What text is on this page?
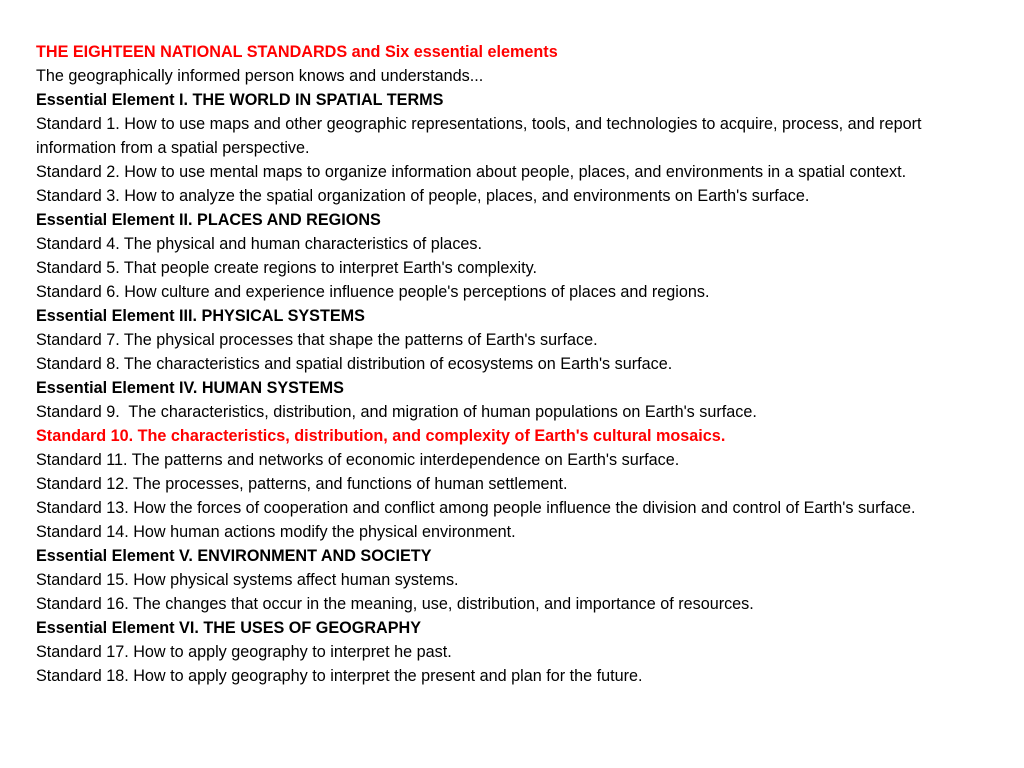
THE EIGHTEEN NATIONAL STANDARDS and Six essential elements
The geographically informed person knows and understands...
Essential Element I. THE WORLD IN SPATIAL TERMS
Standard 1. How to use maps and other geographic representations, tools, and technologies to acquire, process, and report information from a spatial perspective.
Standard 2. How to use mental maps to organize information about people, places, and environments in a spatial context.
Standard 3. How to analyze the spatial organization of people, places, and environments on Earth's surface.
Essential Element II. PLACES AND REGIONS
Standard 4. The physical and human characteristics of places.
Standard 5. That people create regions to interpret Earth's complexity.
Standard 6. How culture and experience influence people's perceptions of places and regions.
Essential Element III. PHYSICAL SYSTEMS
Standard 7. The physical processes that shape the patterns of Earth's surface.
Standard 8. The characteristics and spatial distribution of ecosystems on Earth's surface.
Essential Element IV. HUMAN SYSTEMS
Standard 9.  The characteristics, distribution, and migration of human populations on Earth's surface.
Standard 10. The characteristics, distribution, and complexity of Earth's cultural mosaics.
Standard 11. The patterns and networks of economic interdependence on Earth's surface.
Standard 12. The processes, patterns, and functions of human settlement.
Standard 13. How the forces of cooperation and conflict among people influence the division and control of Earth's surface.
Standard 14. How human actions modify the physical environment.
Essential Element V. ENVIRONMENT AND SOCIETY
Standard 15. How physical systems affect human systems.
Standard 16. The changes that occur in the meaning, use, distribution, and importance of resources.
Essential Element VI. THE USES OF GEOGRAPHY
Standard 17. How to apply geography to interpret he past.
Standard 18. How to apply geography to interpret the present and plan for the future.
